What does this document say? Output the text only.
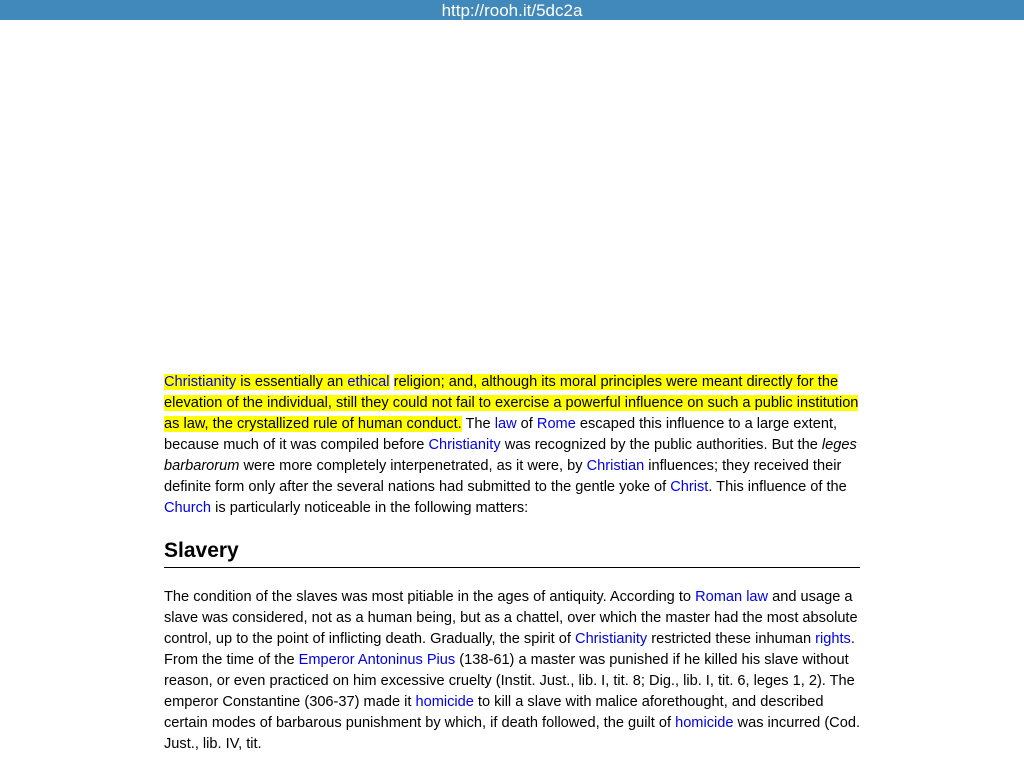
http://rooh.it/5dc2a

Christianity is essentially an ethical religion; and, although its moral principles were meant directly for the elevation of the individual, still they could not fail to exercise a powerful influence on such a public institution as law, the crystallized rule of human conduct. The law of Rome escaped this influence to a large extent, because much of it was compiled before Christianity was recognized by the public authorities. But the leges barbarorum were more completely interpenetrated, as it were, by Christian influences; they received their definite form only after the several nations had submitted to the gentle yoke of Christ. This influence of the Church is particularly noticeable in the following matters:

Slavery

The condition of the slaves was most pitiable in the ages of antiquity. According to Roman law and usage a slave was considered, not as a human being, but as a chattel, over which the master had the most absolute control, up to the point of inflicting death. Gradually, the spirit of Christianity restricted these inhuman rights. From the time of the Emperor Antoninus Pius (138-61) a master was punished if he killed his slave without reason, or even practiced on him excessive cruelty (Instit. Just., lib. I, tit. 8; Dig., lib. I, tit. 6, leges 1, 2). The emperor Constantine (306-37) made it homicide to kill a slave with malice aforethought, and described certain modes of barbarous punishment by which, if death followed, the guilt of homicide was incurred (Cod. Just., lib. IV, tit.
